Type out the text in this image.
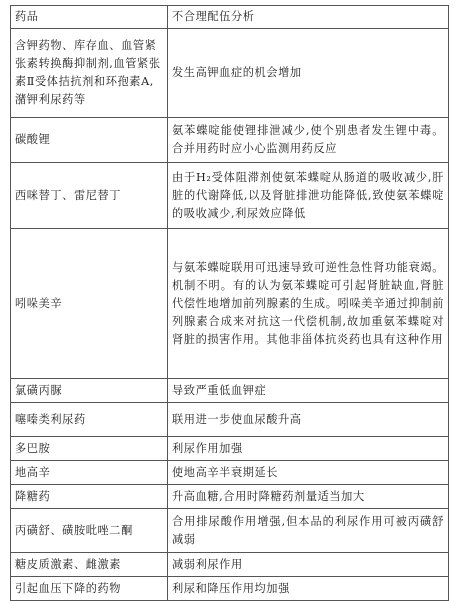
药品	不合理配伍分析
含钾药物、库存血、血管紧张素转换酶抑制剂,血管紧张素Ⅱ受体拮抗剂和环孢素A,潴钾利尿药等	发生高钾血症的机会增加
碳酸锂	氨苯蝶啶能使锂排泄减少,使个别患者发生锂中毒。合并用药时应小心监测用药反应
西咪替丁、雷尼替丁	由于H₂受体阻滞剂使氨苯蝶啶从肠道的吸收减少,肝脏的代谢降低,以及肾脏排泄功能降低,致使氨苯蝶啶的吸收减少,利尿效应降低
吲哚美辛	与氨苯蝶啶联用可迅速导致可逆性急性肾功能衰竭。机制不明。有的认为氨苯蝶啶可引起肾脏缺血,肾脏代偿性地增加前列腺素的生成。吲哚美辛通过抑制前列腺素合成来对抗这一代偿机制,故加重氨苯蝶啶对肾脏的损害作用。其他非甾体抗炎药也具有这种作用
氯磺丙脲	导致严重低血钾症
噻嗪类利尿药	联用进一步使血尿酸升高
多巴胺	利尿作用加强
地高辛	使地高辛半衰期延长
降糖药	升高血糖,合用时降糖药剂量适当加大
丙磺舒、磺胺吡唑二酮	合用排尿酸作用增强,但本品的利尿作用可被丙磺舒减弱
糖皮质激素、雌激素	减弱利尿作用
引起血压下降的药物	利尿和降压作用均加强
